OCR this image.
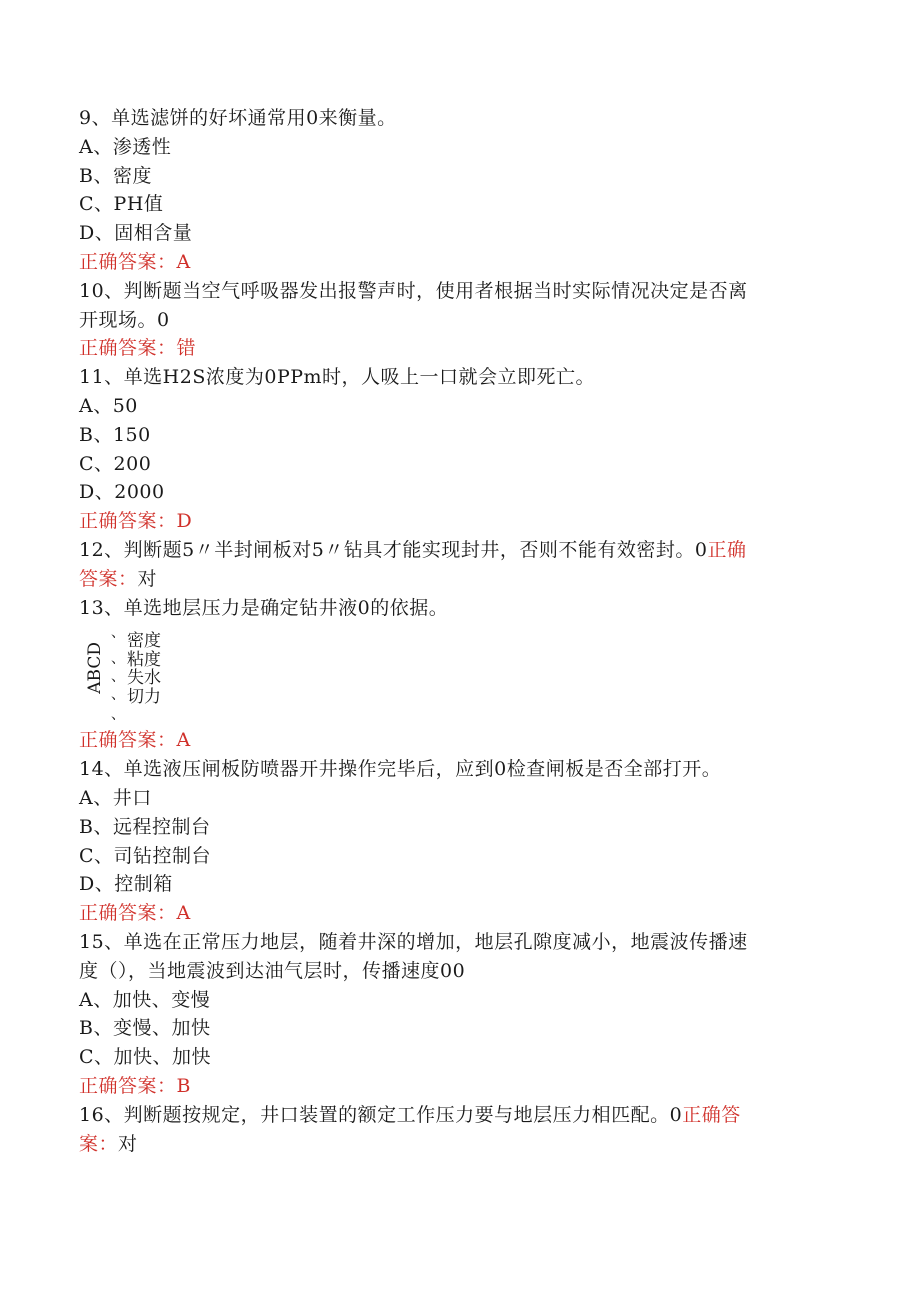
9、单选滤饼的好坏通常用0来衡量。
A、渗透性
B、密度
C、PH值
D、固相含量
正确答案：A
10、判断题当空气呼吸器发出报警声时，使用者根据当时实际情况决定是否离
开现场。0
正确答案：错
11、单选H2S浓度为0PPm时，人吸上一口就会立即死亡。
A、50
B、150
C、200
D、2000
正确答案：D
12、判断题5〃半封闸板对5〃钻具才能实现封井，否则不能有效密封。0正确
答案：对
13、单选地层压力是确定钻井液0的依据。
、
、
、
、
、
ABCD
密度
粘度
失水
切力
正确答案：A
14、单选液压闸板防喷器开井操作完毕后，应到0检查闸板是否全部打开。
A、井口
B、远程控制台
C、司钻控制台
D、控制箱
正确答案：A
15、单选在正常压力地层，随着井深的增加，地层孔隙度减小，地震波传播速
度（），当地震波到达油气层时，传播速度00
A、加快、变慢
B、变慢、加快
C、加快、加快
正确答案：B
16、判断题按规定，井口装置的额定工作压力要与地层压力相匹配。0正确答
案：对
